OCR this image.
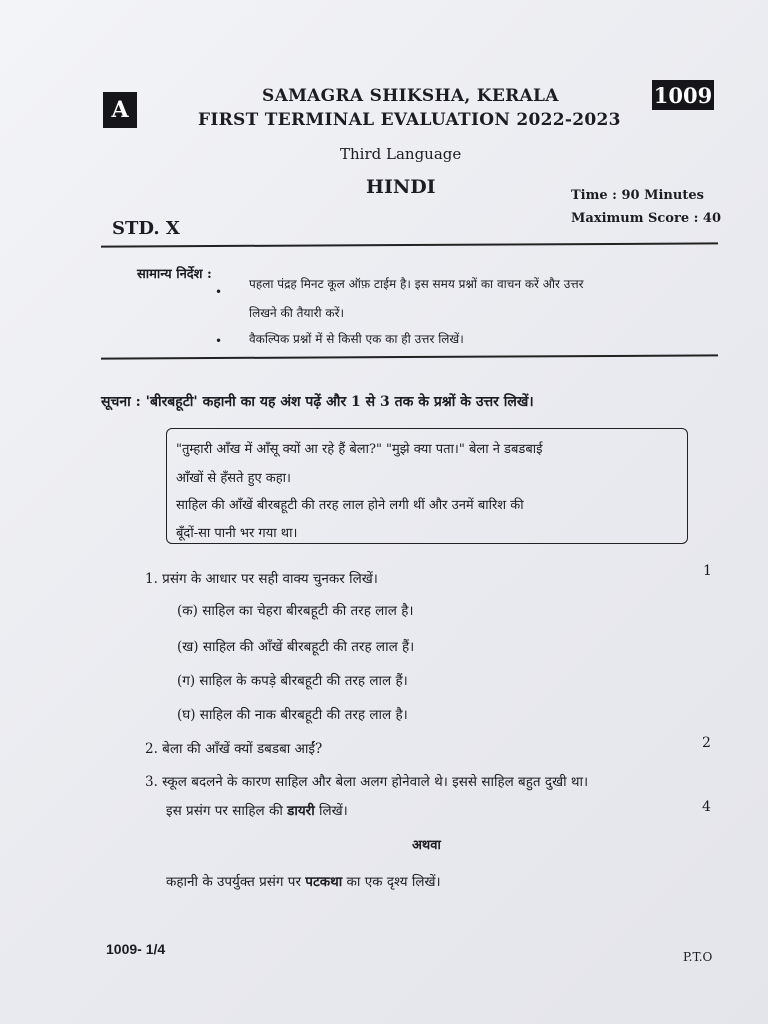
A
1009
SAMAGRA SHIKSHA, KERALA
FIRST TERMINAL EVALUATION 2022-2023
Third Language
HINDI	Time : 90 Minutes
Maximum Score : 40
STD. X
सामान्य निर्देश :
•
पहला पंद्रह मिनट कूल ऑफ़ टाईम है। इस समय प्रश्नों का वाचन करें और उत्तर
लिखने की तैयारी करें।
• वैकल्पिक प्रश्नों में से किसी एक का ही उत्तर लिखें।
सूचना : 'बीरबहूटी' कहानी का यह अंश पढ़ें और 1 से 3 तक के प्रश्नों के उत्तर लिखें।
"तुम्हारी आँख में आँसू क्यों आ रहे हैं बेला?" "मुझे क्या पता।" बेला ने डबडबाई
आँखों से हँसते हुए कहा।
साहिल की आँखें बीरबहूटी की तरह लाल होने लगी थीं और उनमें बारिश की
बूँदों-सा पानी भर गया था।
1. प्रसंग के आधार पर सही वाक्य चुनकर लिखें।	1
(क) साहिल का चेहरा बीरबहूटी की तरह लाल है।
(ख) साहिल की आँखें बीरबहूटी की तरह लाल हैं।
(ग) साहिल के कपड़े बीरबहूटी की तरह लाल हैं।
(घ) साहिल की नाक बीरबहूटी की तरह लाल है।
2. बेला की आँखें क्यों डबडबा आईं?	2
3. स्कूल बदलने के कारण साहिल और बेला अलग होनेवाले थे। इससे साहिल बहुत दुखी था।
इस प्रसंग पर साहिल की डायरी लिखें।	4
अथवा
कहानी के उपर्युक्त प्रसंग पर पटकथा का एक दृश्य लिखें।
1009- 1/4	P.T.O
